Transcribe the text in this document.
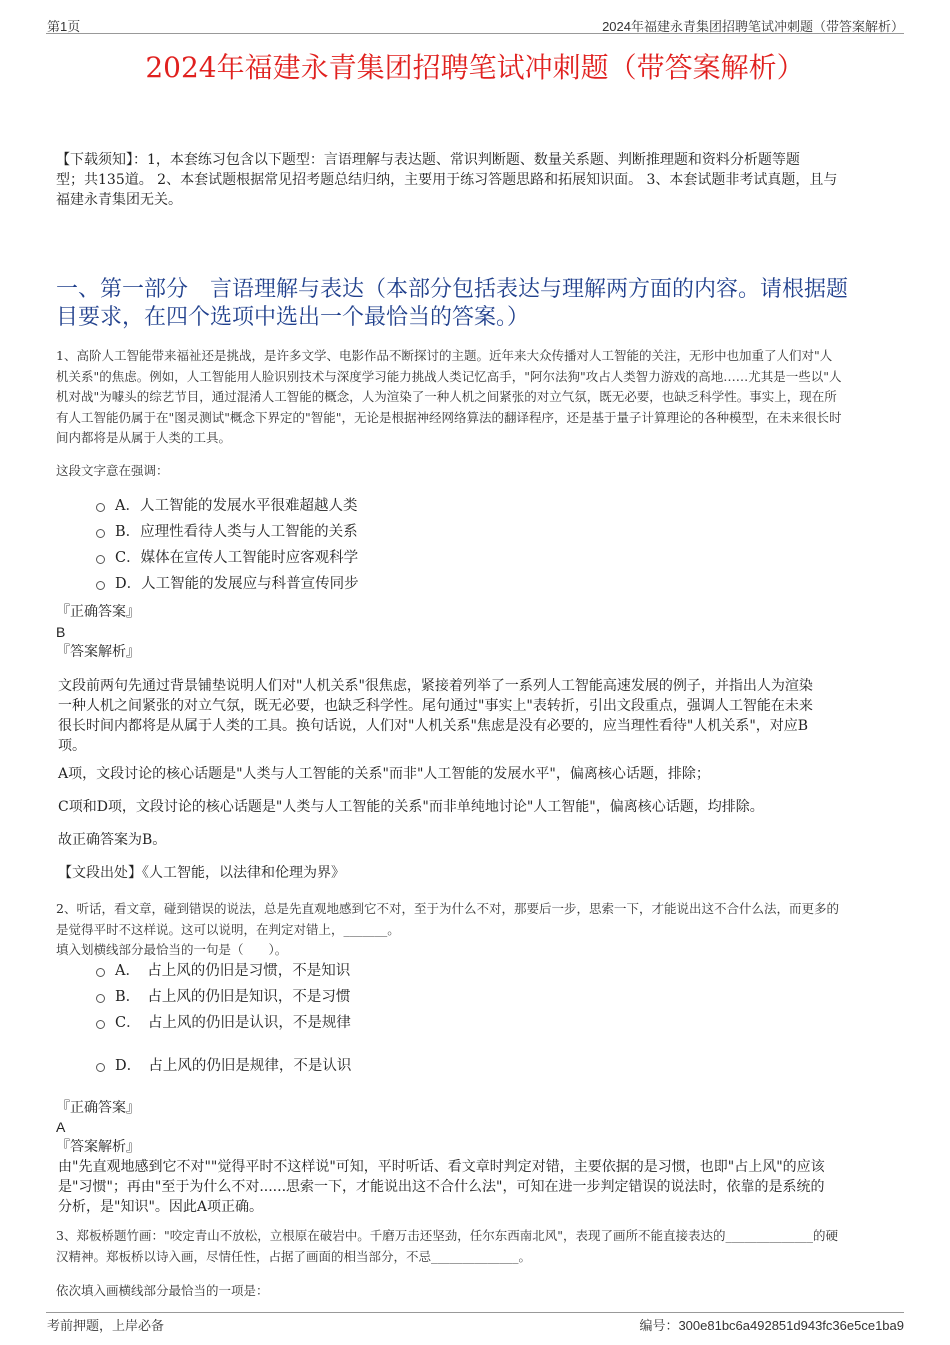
第1页	2024年福建永青集团招聘笔试冲刺题（带答案解析）
2024年福建永青集团招聘笔试冲刺题（带答案解析）
【下载须知】：1，本套练习包含以下题型：言语理解与表达题、常识判断题、数量关系题、判断推理题和资料分析题等题
型；共135道。 2、本套试题根据常见招考题总结归纳，主要用于练习答题思路和拓展知识面。 3、本套试题非考试真题，且与
福建永青集团无关。
一、第一部分　言语理解与表达（本部分包括表达与理解两方面的内容。请根据题
目要求，在四个选项中选出一个最恰当的答案。）
1、高阶人工智能带来福祉还是挑战，是许多文学、电影作品不断探讨的主题。近年来大众传播对人工智能的关注，无形中也加重了人们对"人
机关系"的焦虑。例如，人工智能用人脸识别技术与深度学习能力挑战人类记忆高手，"阿尔法狗"攻占人类智力游戏的高地……尤其是一些以"人
机对战"为噱头的综艺节目，通过混淆人工智能的概念，人为渲染了一种人机之间紧张的对立气氛，既无必要，也缺乏科学性。事实上，现在所
有人工智能仍属于在"图灵测试"概念下界定的"智能"，无论是根据神经网络算法的翻译程序，还是基于量子计算理论的各种模型，在未来很长时
间内都将是从属于人类的工具。
这段文字意在强调：
A．人工智能的发展水平很难超越人类
B．应理性看待人类与人工智能的关系
C．媒体在宣传人工智能时应客观科学
D．人工智能的发展应与科普宣传同步
『正确答案』
B
『答案解析』
文段前两句先通过背景铺垫说明人们对"人机关系"很焦虑，紧接着列举了一系列人工智能高速发展的例子，并指出人为渲染
一种人机之间紧张的对立气氛，既无必要，也缺乏科学性。尾句通过"事实上"表转折，引出文段重点，强调人工智能在未来
很长时间内都将是从属于人类的工具。换句话说，人们对"人机关系"焦虑是没有必要的，应当理性看待"人机关系"，对应B
项。
A项，文段讨论的核心话题是"人类与人工智能的关系"而非"人工智能的发展水平"，偏离核心话题，排除；
C项和D项，文段讨论的核心话题是"人类与人工智能的关系"而非单纯地讨论"人工智能"，偏离核心话题，均排除。
故正确答案为B。
【文段出处】《人工智能，以法律和伦理为界》
2、听话，看文章，碰到错误的说法，总是先直观地感到它不对，至于为什么不对，那要后一步，思索一下，才能说出这不合什么法，而更多的
是觉得平时不这样说。这可以说明，在判定对错上，_______。
填入划横线部分最恰当的一句是（　　）。
A．　占上风的仍旧是习惯，不是知识
B．　占上风的仍旧是知识，不是习惯
C．　占上风的仍旧是认识，不是规律
D．　占上风的仍旧是规律，不是认识
『正确答案』
A
『答案解析』
由"先直观地感到它不对""觉得平时不这样说"可知，平时听话、看文章时判定对错，主要依据的是习惯，也即"占上风"的应该
是"习惯"；再由"至于为什么不对......思索一下，才能说出这不合什么法"，可知在进一步判定错误的说法时，依靠的是系统的
分析，是"知识"。因此A项正确。
3、郑板桥题竹画："咬定青山不放松，立根原在破岩中。千磨万击还坚劲，任尔东西南北风"，表现了画所不能直接表达的______________的硬
汉精神。郑板桥以诗入画，尽情任性，占据了画面的相当部分，不忌______________。
依次填入画横线部分最恰当的一项是：
考前押题，上岸必备	编号：300e81bc6a492851d943fc36e5ce1ba9
